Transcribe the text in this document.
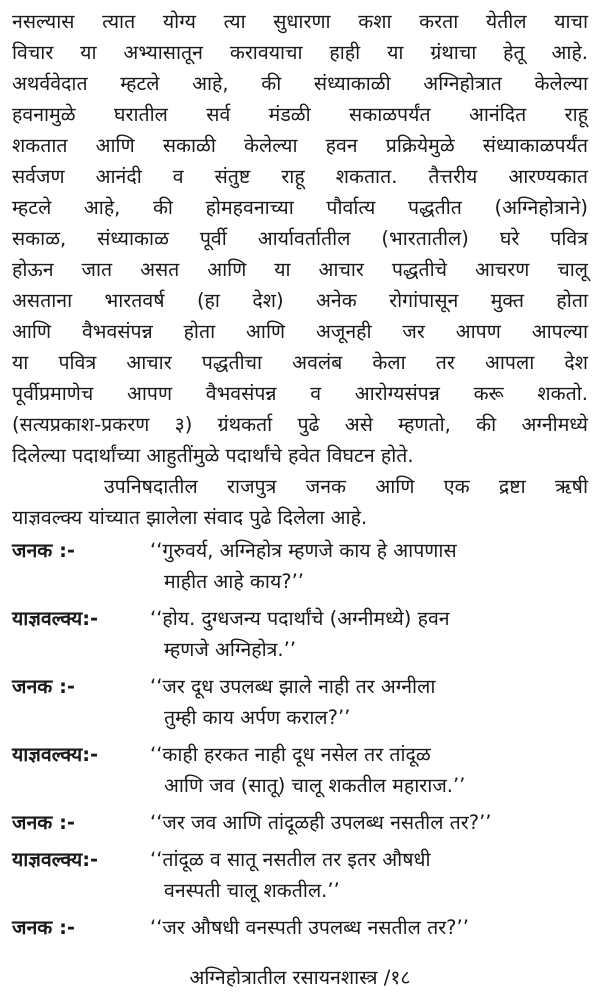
नसल्यास त्यात योग्य त्या सुधारणा कशा करता येतील याचा

विचार या अभ्यासातून करावयाचा हाही या ग्रंथाचा हेतू आहे.

अथर्ववेदात म्हटले आहे, की संध्याकाळी अग्निहोत्रात केलेल्या

हवनामुळे घरातील सर्व मंडळी सकाळपर्यंत आनंदित राहू

शकतात आणि सकाळी केलेल्या हवन प्रक्रियेमुळे संध्याकाळपर्यंत

सर्वजण आनंदी व संतुष्ट राहू शकतात. तैत्तरीय आरण्यकात

म्हटले आहे, की होमहवनाच्या पौर्वात्य पद्धतीत (अग्निहोत्राने)

सकाळ, संध्याकाळ पूर्वी आर्यावर्तातील (भारतातील) घरे पवित्र

होऊन जात असत आणि या आचार पद्धतीचे आचरण चालू

असताना भारतवर्ष (हा देश) अनेक रोगांपासून मुक्त होता

आणि वैभवसंपन्न होता आणि अजूनही जर आपण आपल्या

या पवित्र आचार पद्धतीचा अवलंब केला तर आपला देश

पूर्वीप्रमाणेच आपण वैभवसंपन्न व आरोग्यसंपन्न करू शकतो.

(सत्यप्रकाश-प्रकरण ३) ग्रंथकर्ता पुढे असे म्हणतो, की अग्नीमध्ये

दिलेल्या पदार्थांच्या आहुतींमुळे पदार्थांचे हवेत विघटन होते.

उपनिषदातील राजपुत्र जनक आणि एक द्रष्टा ऋषी

याज्ञवल्क्य यांच्यात झालेला संवाद पुढे दिलेला आहे.

जनक :-	‘‘गुरुवर्य, अग्निहोत्र म्हणजे काय हे आपणास

माहीत आहे काय?’’

याज्ञवल्क्य:-	‘‘होय. दुग्धजन्य पदार्थांचे (अग्नीमध्ये) हवन

म्हणजे अग्निहोत्र.’’

जनक :-	‘‘जर दूध उपलब्ध झाले नाही तर अग्नीला

तुम्ही काय अर्पण कराल?’’

याज्ञवल्क्य:-	‘‘काही हरकत नाही दूध नसेल तर तांदूळ

आणि जव (सातू) चालू शकतील महाराज.’’

जनक :-	‘‘जर जव आणि तांदूळही उपलब्ध नसतील तर?’’

याज्ञवल्क्य:-	‘‘तांदूळ व सातू नसतील तर इतर औषधी

वनस्पती चालू शकतील.’’

जनक :-	‘‘जर औषधी वनस्पती उपलब्ध नसतील तर?’’

अग्निहोत्रातील रसायनशास्त्र /१८
